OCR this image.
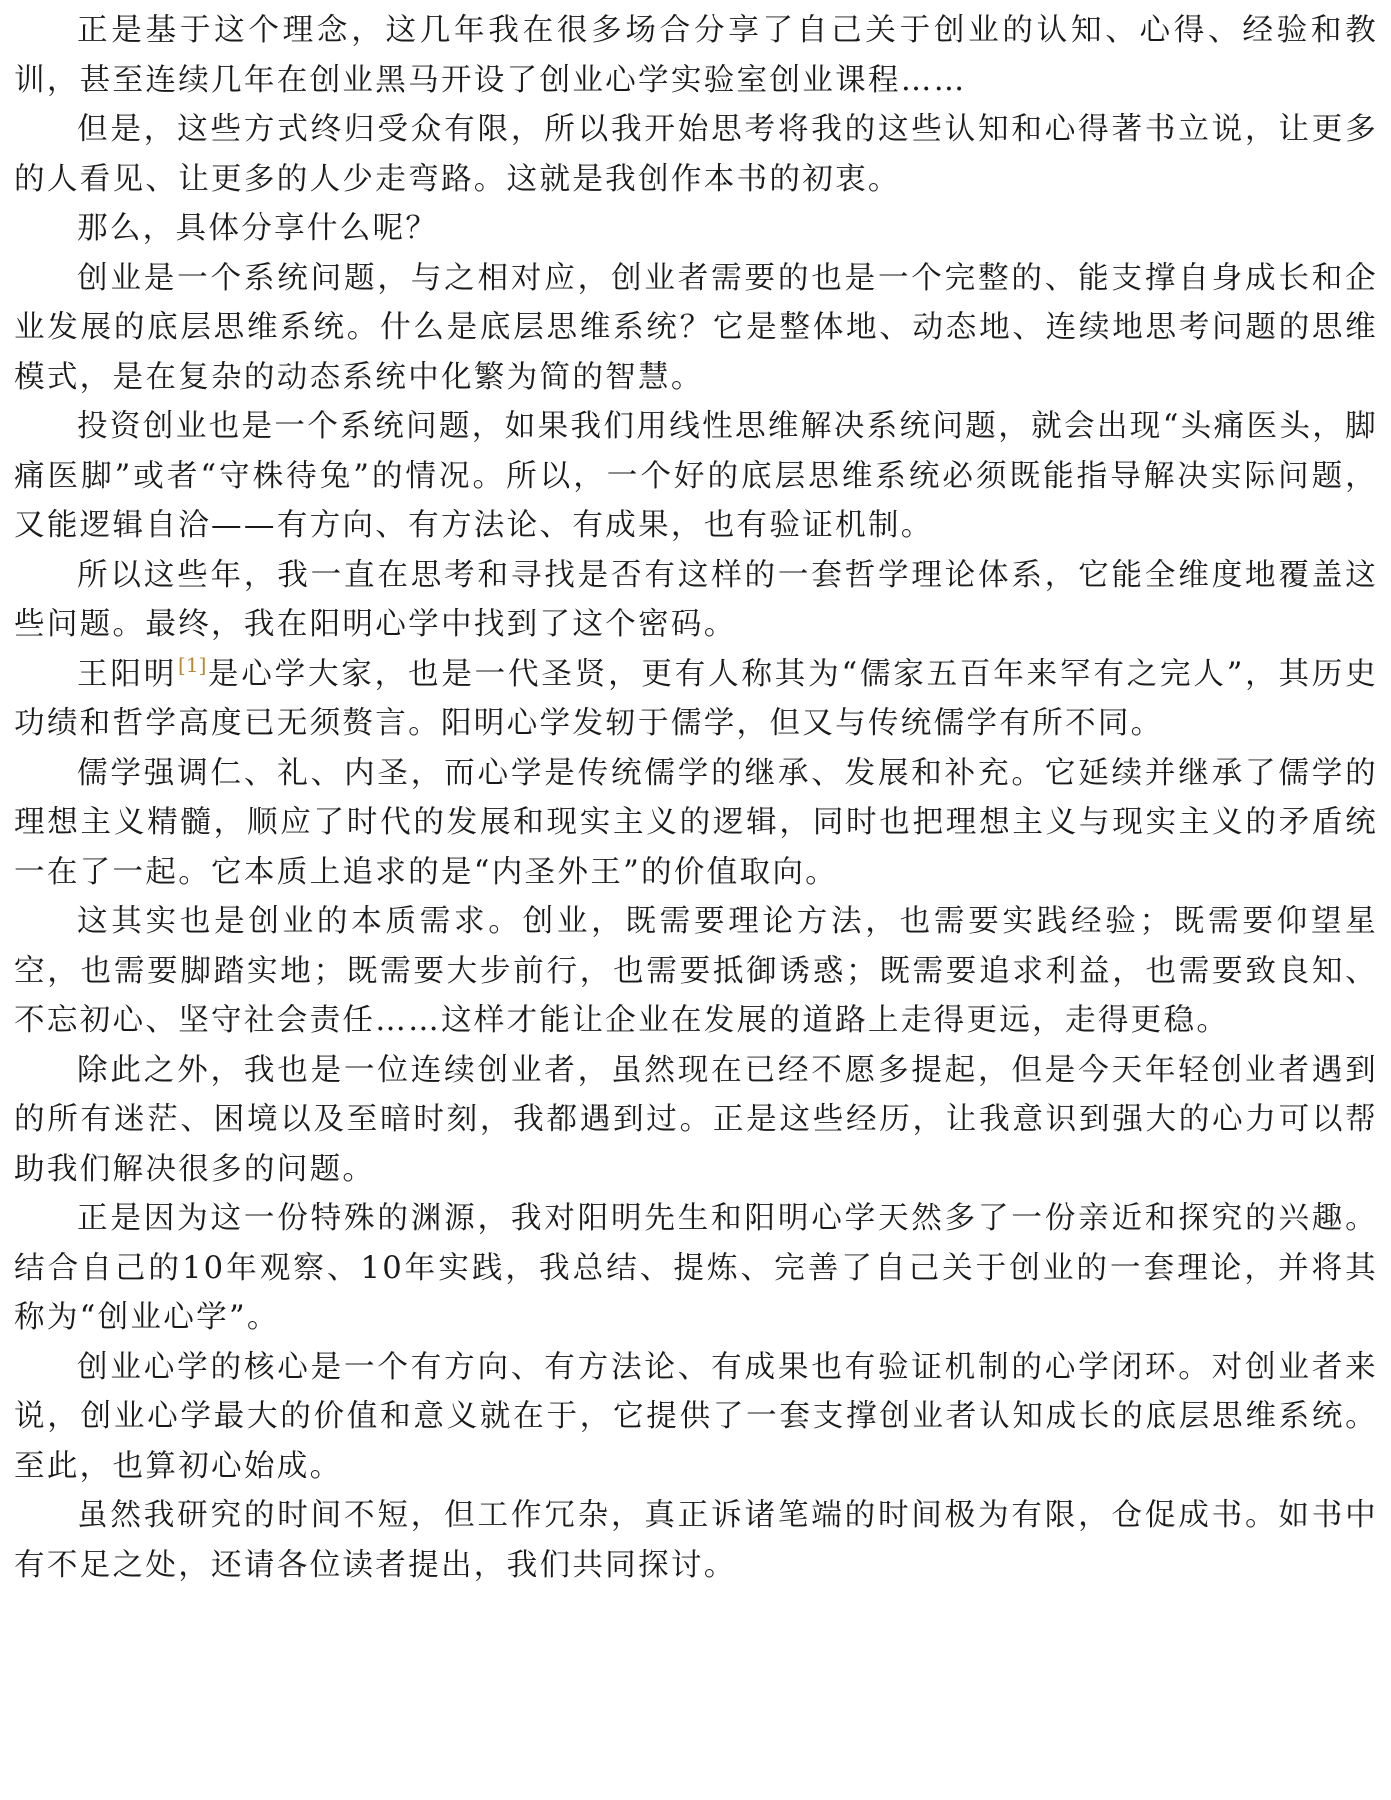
正是基于这个理念，这几年我在很多场合分享了自己关于创业的认知、心得、经验和教训，甚至连续几年在创业黑马开设了创业心学实验室创业课程……

但是，这些方式终归受众有限，所以我开始思考将我的这些认知和心得著书立说，让更多的人看见、让更多的人少走弯路。这就是我创作本书的初衷。

那么，具体分享什么呢？

创业是一个系统问题，与之相对应，创业者需要的也是一个完整的、能支撑自身成长和企业发展的底层思维系统。什么是底层思维系统？它是整体地、动态地、连续地思考问题的思维模式，是在复杂的动态系统中化繁为简的智慧。

投资创业也是一个系统问题，如果我们用线性思维解决系统问题，就会出现“头痛医头，脚痛医脚”或者“守株待兔”的情况。所以，一个好的底层思维系统必须既能指导解决实际问题，又能逻辑自洽——有方向、有方法论、有成果，也有验证机制。

所以这些年，我一直在思考和寻找是否有这样的一套哲学理论体系，它能全维度地覆盖这些问题。最终，我在阳明心学中找到了这个密码。

王阳明[1]是心学大家，也是一代圣贤，更有人称其为“儒家五百年来罕有之完人”，其历史功绩和哲学高度已无须赘言。阳明心学发轫于儒学，但又与传统儒学有所不同。

儒学强调仁、礼、内圣，而心学是传统儒学的继承、发展和补充。它延续并继承了儒学的理想主义精髓，顺应了时代的发展和现实主义的逻辑，同时也把理想主义与现实主义的矛盾统一在了一起。它本质上追求的是“内圣外王”的价值取向。

这其实也是创业的本质需求。创业，既需要理论方法，也需要实践经验；既需要仰望星空，也需要脚踏实地；既需要大步前行，也需要抵御诱惑；既需要追求利益，也需要致良知、不忘初心、坚守社会责任……这样才能让企业在发展的道路上走得更远，走得更稳。

除此之外，我也是一位连续创业者，虽然现在已经不愿多提起，但是今天年轻创业者遇到的所有迷茫、困境以及至暗时刻，我都遇到过。正是这些经历，让我意识到强大的心力可以帮助我们解决很多的问题。

正是因为这一份特殊的渊源，我对阳明先生和阳明心学天然多了一份亲近和探究的兴趣。结合自己的10年观察、10年实践，我总结、提炼、完善了自己关于创业的一套理论，并将其称为“创业心学”。

创业心学的核心是一个有方向、有方法论、有成果也有验证机制的心学闭环。对创业者来说，创业心学最大的价值和意义就在于，它提供了一套支撑创业者认知成长的底层思维系统。至此，也算初心始成。

虽然我研究的时间不短，但工作冗杂，真正诉诸笔端的时间极为有限，仓促成书。如书中有不足之处，还请各位读者提出，我们共同探讨。
